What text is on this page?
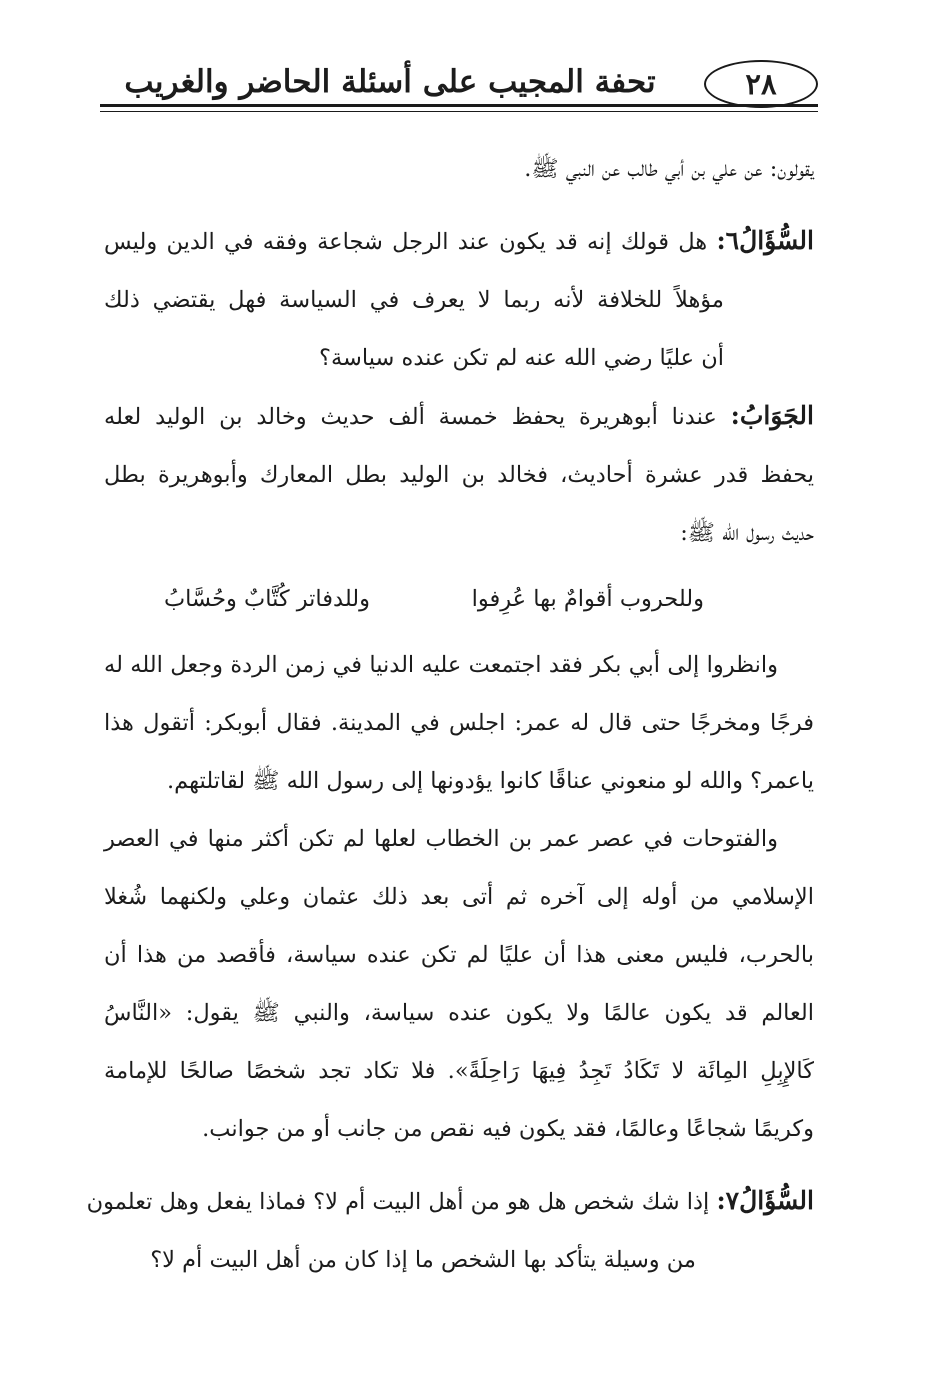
تحفة المجيب على أسئلة الحاضر والغريب	٢٨
يقولون: عن علي بن أبي طالب عن النبي ﷺ.
السُّؤَالُ٦: هل قولك إنه قد يكون عند الرجل شجاعة وفقه في الدين وليس
مؤهلاً للخلافة لأنه ربما لا يعرف في السياسة فهل يقتضي ذلك
أن عليًا رضي الله عنه لم تكن عنده سياسة؟
الجَوَابُ: عندنا أبوهريرة يحفظ خمسة ألف حديث وخالد بن الوليد لعله
يحفظ قدر عشرة أحاديث، فخالد بن الوليد بطل المعارك وأبوهريرة بطل
حديث رسول الله ﷺ:
وللحروب أقوامٌ بها عُرِفوا
وللدفاتر كُتَّابٌ وحُسَّابُ
وانظروا إلى أبي بكر فقد اجتمعت عليه الدنيا في زمن الردة وجعل الله له
فرجًا ومخرجًا حتى قال له عمر: اجلس في المدينة. فقال أبوبكر: أتقول هذا
ياعمر؟ والله لو منعوني عناقًا كانوا يؤدونها إلى رسول الله ﷺ لقاتلتهم.
والفتوحات في عصر عمر بن الخطاب لعلها لم تكن أكثر منها في العصر
الإسلامي من أوله إلى آخره ثم أتى بعد ذلك عثمان وعلي ولكنهما شُغلا
بالحرب، فليس معنى هذا أن عليًا لم تكن عنده سياسة، فأقصد من هذا أن
العالم قد يكون عالمًا ولا يكون عنده سياسة، والنبي ﷺ يقول: «النَّاسُ
كَالإِبِلِ المِائَة لا تَكَادُ تَجِدُ فِيهَا رَاحِلَةً». فلا تكاد تجد شخصًا صالحًا للإمامة
وكريمًا شجاعًا وعالمًا، فقد يكون فيه نقص من جانب أو من جوانب.
السُّؤَالُ٧: إذا شك شخص هل هو من أهل البيت أم لا؟ فماذا يفعل وهل تعلمون
من وسيلة يتأكد بها الشخص ما إذا كان من أهل البيت أم لا؟
